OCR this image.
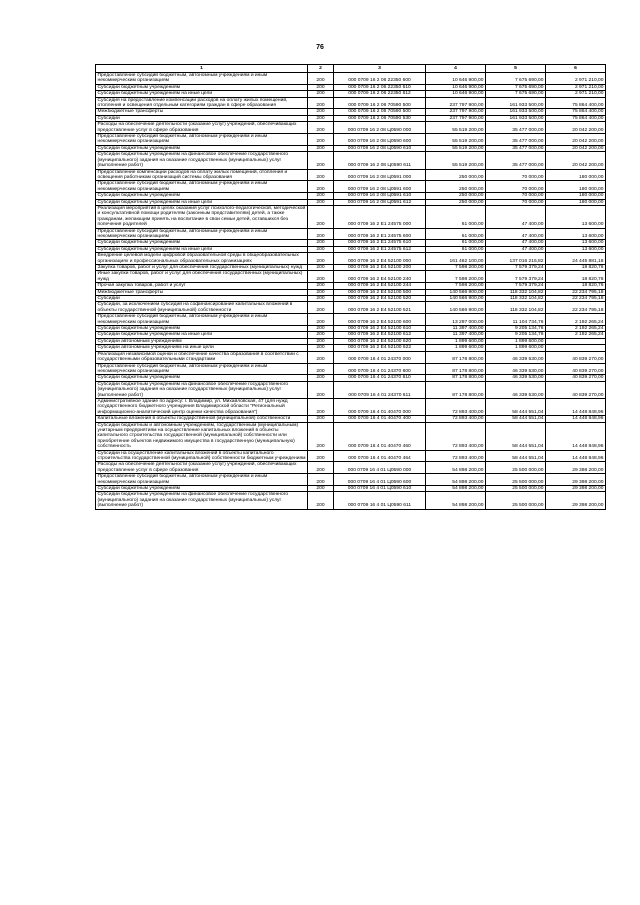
76
1	2	3	4	5	6
Предоставление субсидий бюджетным, автономным учреждениям и иным некоммерческим организациям	200	000 0709 16 2 06 22350 600	10 646 900,00	7 675 690,00	2 971 210,00
Субсидии бюджетным учреждениям	200	000 0709 16 2 06 22350 610	10 646 900,00	7 675 690,00	2 971 210,00
Субсидии бюджетным учреждениям на иные цели	200	000 0709 16 2 06 22350 612	10 646 900,00	7 675 690,00	2 971 210,00
Субсидия на предоставление компенсации расходов на оплату жилых помещений, отопления и освещения отдельным категориям граждан в сфере образования	200	000 0709 16 2 06 70590 500	237 797 900,00	161 933 500,00	75 864 400,00
Межбюджетные трансферты	200	000 0709 16 2 06 70590 500	237 797 900,00	161 933 500,00	75 864 400,00
Субсидии	200	000 0709 16 2 06 70590 530	237 797 900,00	161 933 500,00	75 864 400,00
Расходы на обеспечение деятельности (оказание услуг) учреждений, обеспечивающих предоставление услуг в сфере образования	200	000 0709 16 2 08 Ц0590 000	55 519 200,00	35 477 000,00	20 042 200,00
Предоставление субсидий бюджетным, автономным учреждениям и иным некоммерческим организациям	200	000 0709 16 2 08 Ц0590 600	55 519 200,00	35 477 000,00	20 042 200,00
Субсидии бюджетным учреждениям	200	000 0709 16 2 08 Ц0590 610	55 519 200,00	35 477 000,00	20 042 200,00
Субсидии бюджетным учреждениям на финансовое обеспечение государственного (муниципального) задания на оказание государственных (муниципальных) услуг (выполнение работ)	200	000 0709 16 2 08 Ц0590 611	55 519 200,00	35 477 000,00	20 042 200,00
Предоставление компенсации расходов на оплату жилых помещений, отопления и освещения работникам организаций системы образования	200	000 0709 16 2 08 Ц0591 000	250 000,00	70 000,00	180 000,00
Предоставление субсидий бюджетным, автономным учреждениям и иным некоммерческим организациям	200	000 0709 16 2 08 Ц0591 600	250 000,00	70 000,00	180 000,00
Субсидии бюджетным учреждениям	200	000 0709 16 2 08 Ц0591 610	250 000,00	70 000,00	180 000,00
Субсидии бюджетным учреждениям на иные цели	200	000 0709 16 2 08 Ц0591 612	250 000,00	70 000,00	180 000,00
Реализация мероприятий в целях оказания услуг психолого-педагогической, методической и консультативной помощи родителям (законным представителям) детей, а также гражданам, желающим принять на воспитание в свои семьи детей, оставшихся без попечения родителей	200	000 0709 16 2 E1 24575 000	61 000,00	47 400,00	13 600,00
Предоставление субсидий бюджетным, автономным учреждениям и иным некоммерческим организациям	200	000 0709 16 2 E1 24575 600	61 000,00	47 400,00	13 600,00
Субсидии бюджетным учреждениям	200	000 0709 16 2 E1 24575 610	61 000,00	47 400,00	13 600,00
Субсидии бюджетным учреждениям на иные цели	200	000 0709 16 2 E1 24575 612	61 000,00	47 400,00	13 600,00
Внедрение целевой модели цифровой образовательной среды в общеобразовательных организациях и профессиональных образовательных организациях	200	000 0709 16 2 E4 52100 000	161 462 100,00	137 016 216,82	24 445 881,18
Закупка товаров, работ и услуг для обеспечения государственных (муниципальных) нужд	200	000 0709 16 2 E4 52100 200	7 598 200,00	7 579 379,24	18 820,76
Иные закупки товаров, работ и услуг для обеспечения государственных (муниципальных) нужд	200	000 0709 16 2 E4 52100 240	7 598 200,00	7 579 379,24	18 820,76
Прочая закупка товаров, работ и услуг	200	000 0709 16 2 E4 52100 244	7 598 200,00	7 579 379,24	18 820,76
Межбюджетные трансферты	200	000 0709 16 2 E4 52100 500	140 566 900,00	118 332 104,82	22 234 795,18
Субсидии	200	000 0709 16 2 E4 52100 520	140 566 900,00	118 332 104,82	22 234 795,18
Субсидии, за исключением субсидий на софинансирование капитальных вложений в объекты государственной (муниципальной) собственности	200	000 0709 16 2 E4 52100 521	140 566 900,00	118 332 104,82	22 234 795,18
Предоставление субсидий бюджетным, автономным учреждениям и иным некоммерческим организациям	200	000 0709 16 2 E4 52100 600	13 297 000,00	11 104 734,76	2 192 265,24
Субсидии бюджетным учреждениям	200	000 0709 16 2 E4 52100 610	11 397 400,00	9 205 134,76	2 192 265,24
Субсидии бюджетным учреждениям на иные цели	200	000 0709 16 2 E4 52100 612	11 397 400,00	9 205 134,76	2 192 265,24
Субсидии автономным учреждениям	200	000 0709 16 2 E4 52100 620	1 899 600,00	1 899 600,00	
Субсидии автономным учреждениям на иные цели	200	000 0709 16 2 E4 52100 622	1 899 600,00	1 899 600,00	
Реализация независимой оценки и обеспечение качества образования в соответствии с государственными образовательными стандартами	200	000 0709 16 4 01 24370 000	87 178 800,00	46 339 530,00	40 839 270,00
Предоставление субсидий бюджетным, автономным учреждениям и иным некоммерческим организациям	200	000 0709 16 4 01 24370 600	87 178 800,00	46 339 530,00	40 839 270,00
Субсидии бюджетным учреждениям	200	000 0709 16 4 01 24370 610	87 178 800,00	46 339 530,00	40 839 270,00
Субсидии бюджетным учреждениям на финансовое обеспечение государственного (муниципального) задания на оказание государственных (муниципальных) услуг (выполнение работ)	200	000 0709 16 4 01 24370 611	87 178 800,00	46 339 530,00	40 839 270,00
Административное здание по адресу: г. Владимир, ул. Михайловская, 47 (для нужд государственного бюджетного учреждения Владимирской области "Региональный информационно-аналитический центр оценки качества образования")	200	000 0709 16 4 01 40470 000	72 893 400,00	58 444 551,04	14 448 848,96
Капитальные вложения в объекты государственной (муниципальной) собственности	200	000 0709 16 4 01 40470 400	72 893 400,00	58 444 551,04	14 448 848,96
Субсидии бюджетным и автономным учреждениям, государственным (муниципальным) унитарным предприятиям на осуществление капитальных вложений в объекты капитального строительства государственной (муниципальной) собственности или приобретение объектов недвижимого имущества в государственную (муниципальную) собственность	200	000 0709 16 4 01 40470 460	72 893 400,00	58 444 551,04	14 448 848,96
Субсидии на осуществление капитальных вложений в объекты капитального строительства государственной (муниципальной) собственности бюджетным учреждениям	200	000 0709 16 4 01 40470 464	72 893 400,00	58 444 551,04	14 448 848,96
Расходы на обеспечение деятельности (оказание услуг) учреждений, обеспечивающих предоставление услуг в сфере образования	200	000 0709 16 4 01 Ц0590 000	54 898 200,00	25 500 000,00	29 398 200,00
Предоставление субсидий бюджетным, автономным учреждениям и иным некоммерческим организациям	200	000 0709 16 4 01 Ц0590 600	54 898 200,00	25 500 000,00	29 398 200,00
Субсидии бюджетным учреждениям	200	000 0709 16 4 01 Ц0590 610	54 898 200,00	25 500 000,00	29 398 200,00
Субсидии бюджетным учреждениям на финансовое обеспечение государственного (муниципального) задания на оказание государственных (муниципальных) услуг (выполнение работ)	200	000 0709 16 4 01 Ц0590 611	54 898 200,00	25 500 000,00	29 398 200,00
